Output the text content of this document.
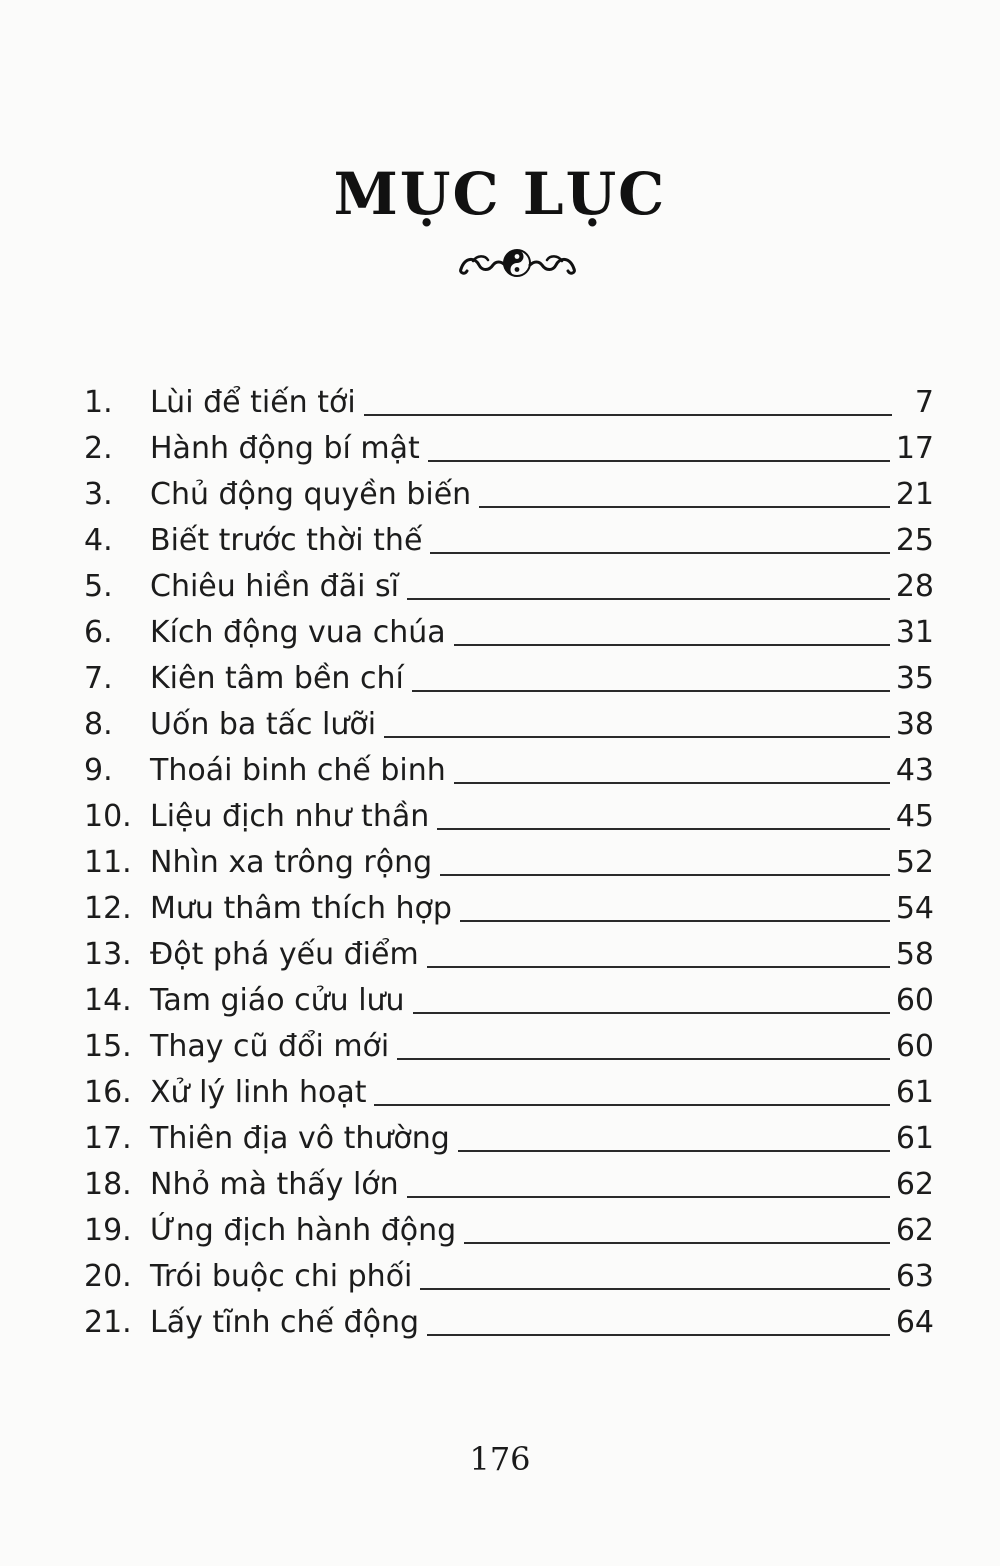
MỤC LỤC
1.	Lùi để tiến tới	7
2.	Hành động bí mật	17
3.	Chủ động quyền biến	21
4.	Biết trước thời thế	25
5.	Chiêu hiền đãi sĩ	28
6.	Kích động vua chúa	31
7.	Kiên tâm bền chí	35
8.	Uốn ba tấc lưỡi	38
9.	Thoái binh chế binh	43
10. Liệu địch như thần	45
11. Nhìn xa trông rộng	52
12. Mưu thâm thích hợp	54
13. Đột phá yếu điểm	58
14. Tam giáo cửu lưu	60
15. Thay cũ đổi mới	60
16. Xử lý linh hoạt	61
17. Thiên địa vô thường	61
18. Nhỏ mà thấy lớn	62
19. Ứng địch hành động	62
20. Trói buộc chi phối	63
21. Lấy tĩnh chế động	64
176
